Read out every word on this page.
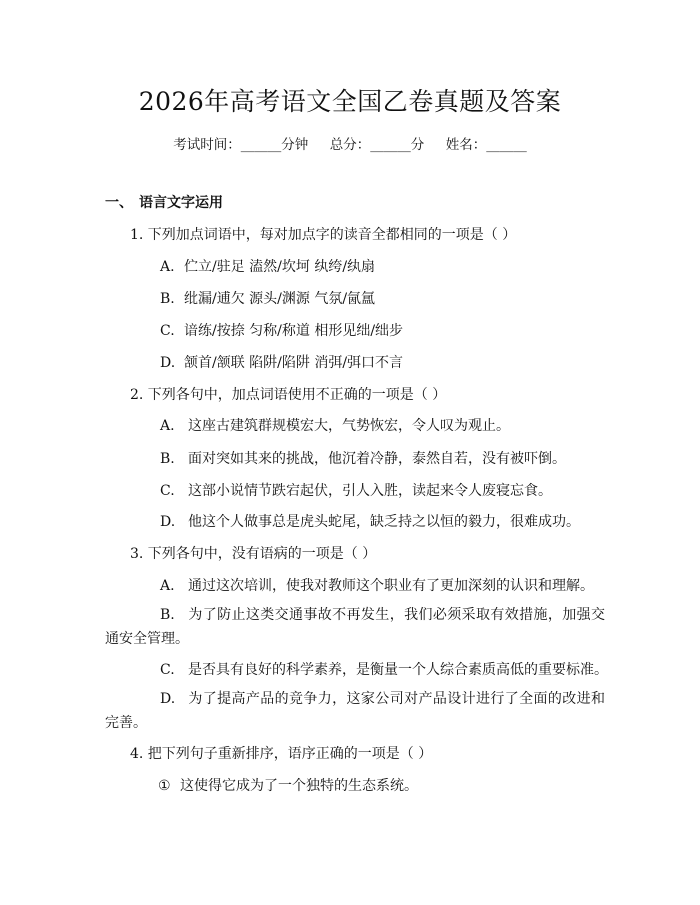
2026年高考语文全国乙卷真题及答案
考试时间：______分钟     总分：______分     姓名：______
一、 语言文字运用
1. 下列加点词语中，每对加点字的读音全都相同的一项是（ ）
A. 伫立/驻足 溘然/坎坷 纨绔/纨扇
B. 纰漏/逋欠 源头/渊源 气氛/氤氲
C. 谙练/按捺 匀称/称道 相形见绌/绌步
D. 颔首/颔联 陷阱/陷阱 消弭/弭口不言
2. 下列各句中，加点词语使用不正确的一项是（ ）
A. 这座古建筑群规模宏大，气势恢宏，令人叹为观止。
B. 面对突如其来的挑战，他沉着冷静，泰然自若，没有被吓倒。
C. 这部小说情节跌宕起伏，引人入胜，读起来令人废寝忘食。
D. 他这个人做事总是虎头蛇尾，缺乏持之以恒的毅力，很难成功。
3. 下列各句中，没有语病的一项是（ ）
A. 通过这次培训，使我对教师这个职业有了更加深刻的认识和理解。
B. 为了防止这类交通事故不再发生，我们必须采取有效措施，加强交通安全管理。
C. 是否具有良好的科学素养，是衡量一个人综合素质高低的重要标准。
D. 为了提高产品的竞争力，这家公司对产品设计进行了全面的改进和完善。
4. 把下列句子重新排序，语序正确的一项是（ ）
① 这使得它成为了一个独特的生态系统。
